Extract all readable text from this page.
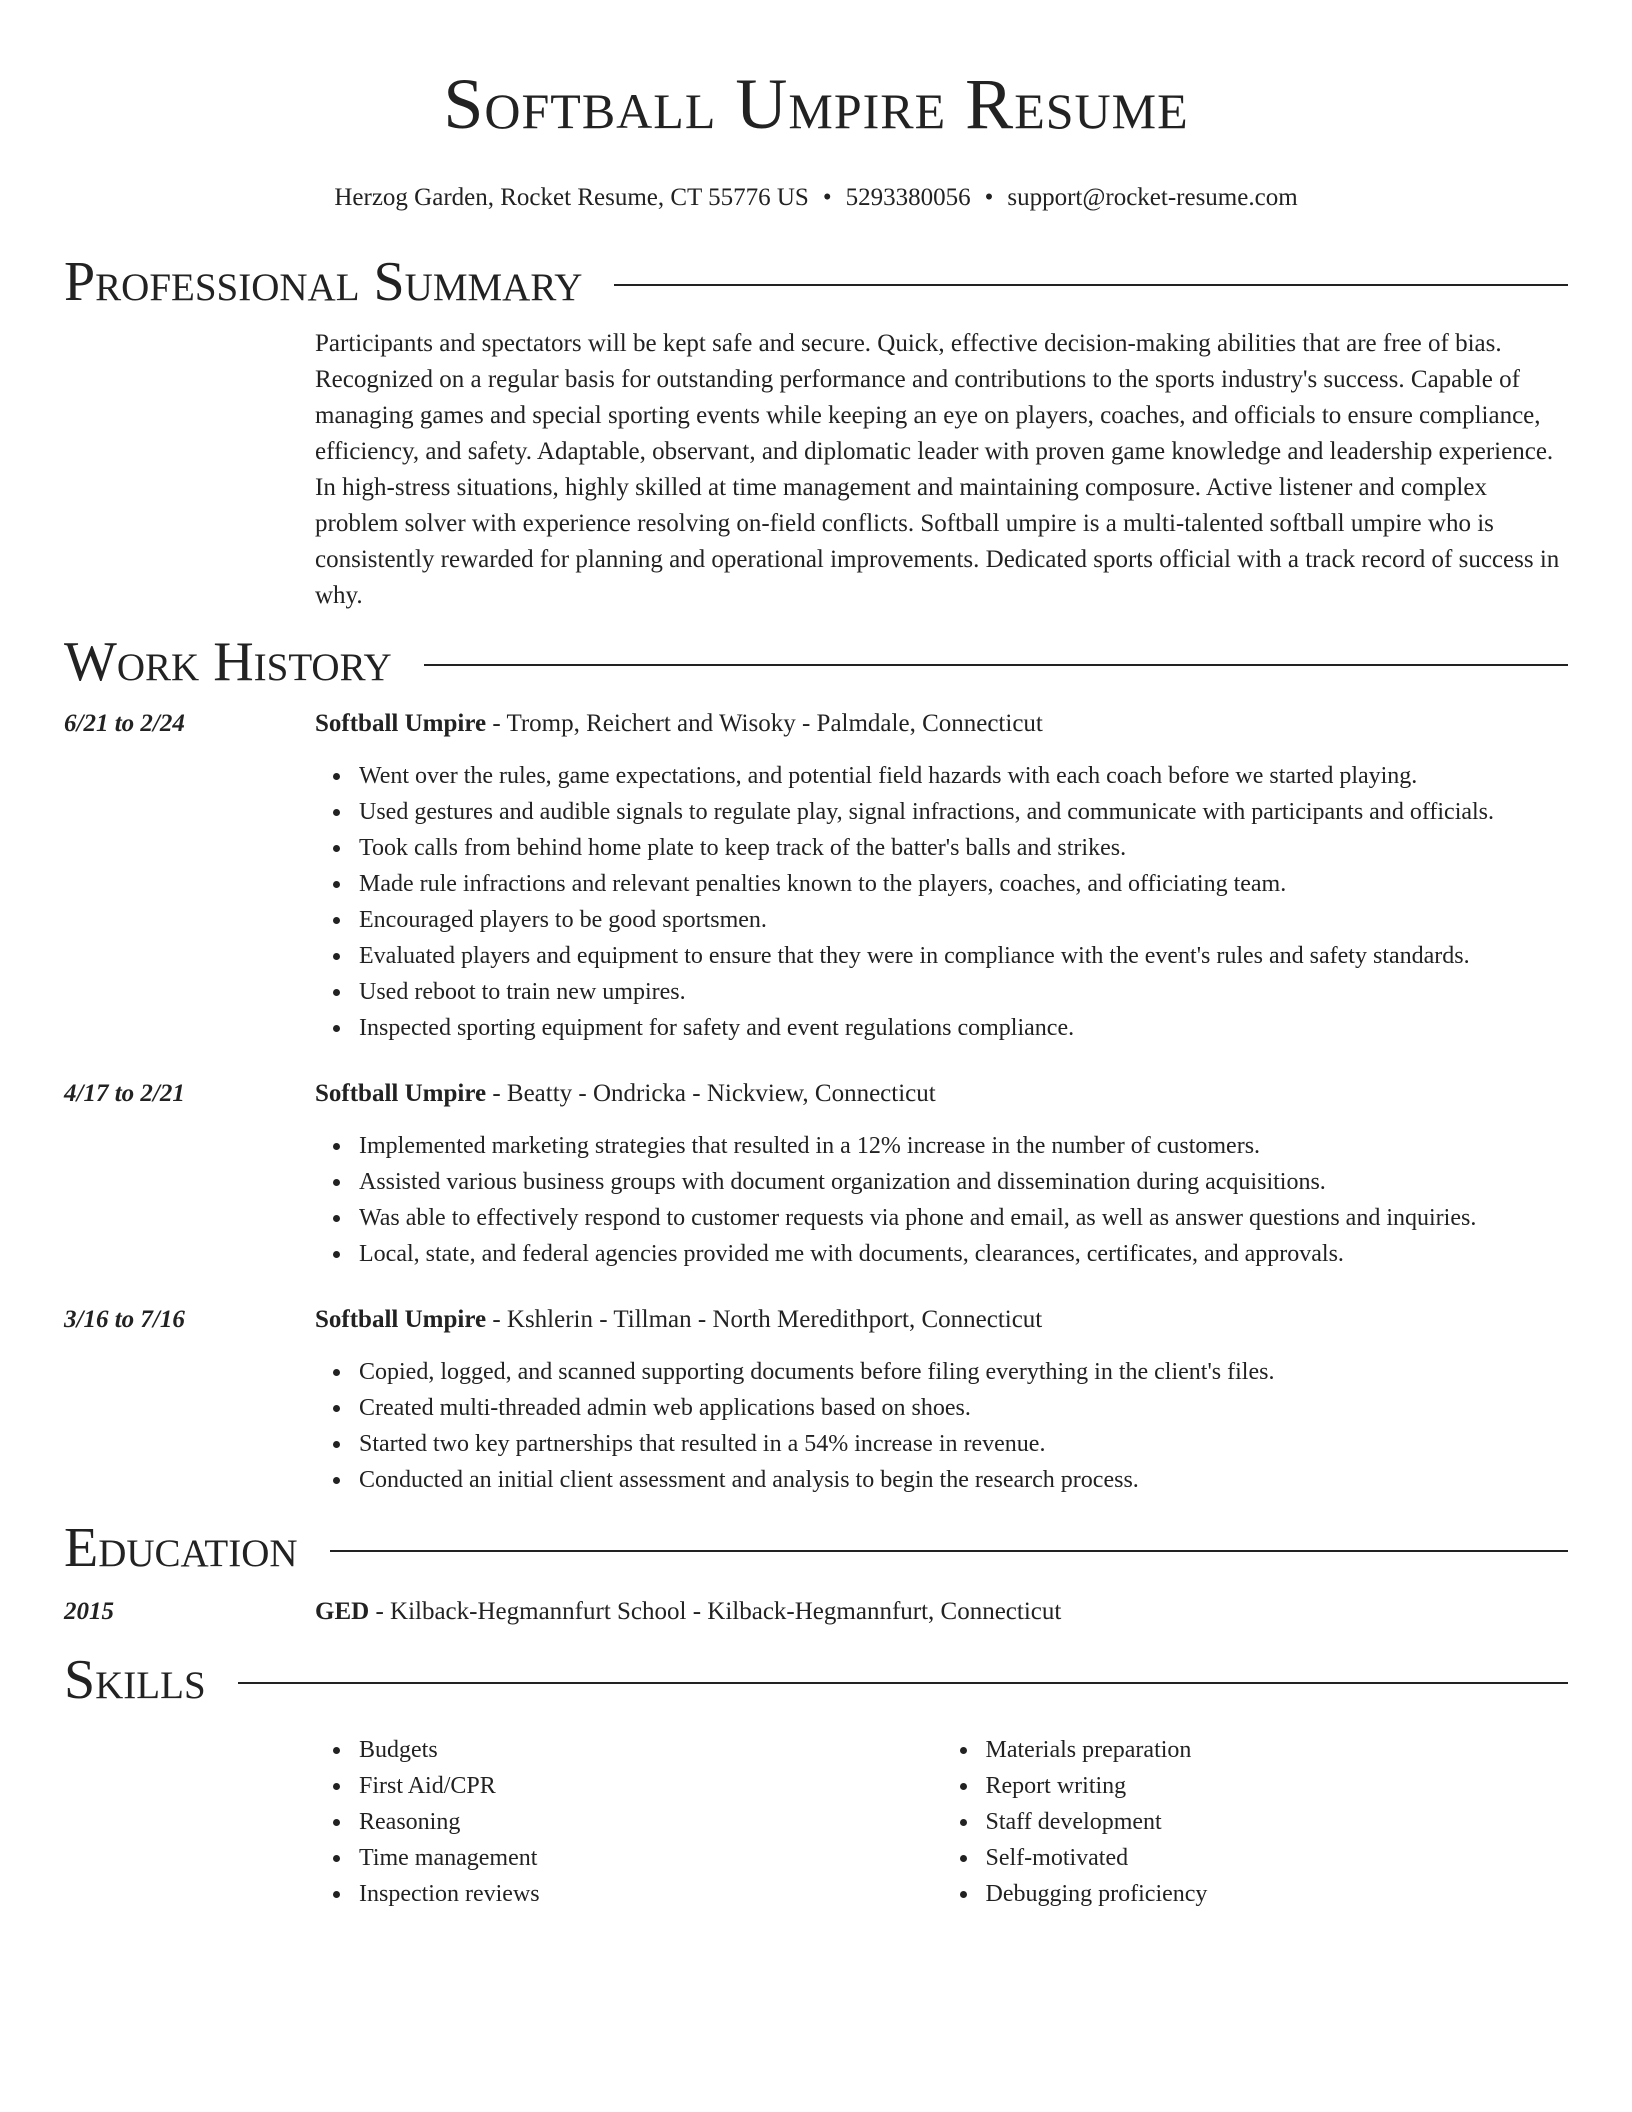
Softball Umpire Resume
Herzog Garden, Rocket Resume, CT 55776 US • 5293380056 • support@rocket-resume.com
Professional Summary
Participants and spectators will be kept safe and secure. Quick, effective decision-making abilities that are free of bias. Recognized on a regular basis for outstanding performance and contributions to the sports industry's success. Capable of managing games and special sporting events while keeping an eye on players, coaches, and officials to ensure compliance, efficiency, and safety. Adaptable, observant, and diplomatic leader with proven game knowledge and leadership experience. In high-stress situations, highly skilled at time management and maintaining composure. Active listener and complex problem solver with experience resolving on-field conflicts. Softball umpire is a multi-talented softball umpire who is consistently rewarded for planning and operational improvements. Dedicated sports official with a track record of success in why.
Work History
6/21 to 2/24	Softball Umpire - Tromp, Reichert and Wisoky - Palmdale, Connecticut
Went over the rules, game expectations, and potential field hazards with each coach before we started playing.
Used gestures and audible signals to regulate play, signal infractions, and communicate with participants and officials.
Took calls from behind home plate to keep track of the batter's balls and strikes.
Made rule infractions and relevant penalties known to the players, coaches, and officiating team.
Encouraged players to be good sportsmen.
Evaluated players and equipment to ensure that they were in compliance with the event's rules and safety standards.
Used reboot to train new umpires.
Inspected sporting equipment for safety and event regulations compliance.
4/17 to 2/21	Softball Umpire - Beatty - Ondricka - Nickview, Connecticut
Implemented marketing strategies that resulted in a 12% increase in the number of customers.
Assisted various business groups with document organization and dissemination during acquisitions.
Was able to effectively respond to customer requests via phone and email, as well as answer questions and inquiries.
Local, state, and federal agencies provided me with documents, clearances, certificates, and approvals.
3/16 to 7/16	Softball Umpire - Kshlerin - Tillman - North Meredithport, Connecticut
Copied, logged, and scanned supporting documents before filing everything in the client's files.
Created multi-threaded admin web applications based on shoes.
Started two key partnerships that resulted in a 54% increase in revenue.
Conducted an initial client assessment and analysis to begin the research process.
Education
2015	GED - Kilback-Hegmannfurt School - Kilback-Hegmannfurt, Connecticut
Skills
Budgets
First Aid/CPR
Reasoning
Time management
Inspection reviews
Materials preparation
Report writing
Staff development
Self-motivated
Debugging proficiency
